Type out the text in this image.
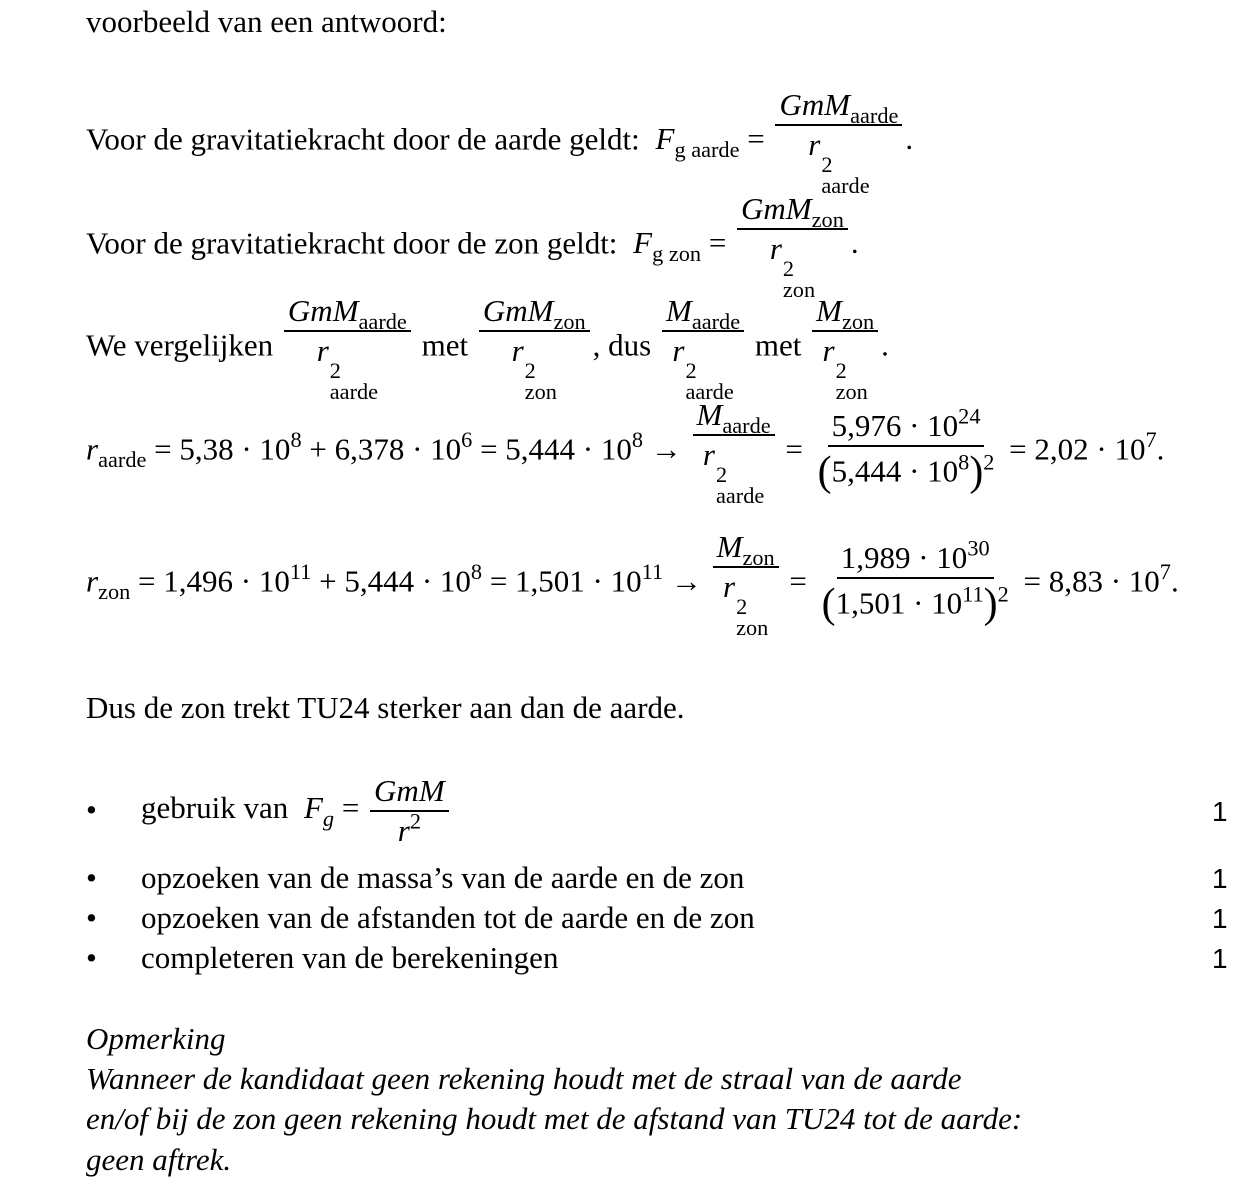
voorbeeld van een antwoord:
Voor de gravitatiekracht door de aarde geldt: $F_{g aarde} = GmM_{aarde}$
r
2
aarde .
Voor de gravitatiekracht door de zon geldt: $F_{g zon} = GmM_{zon}$
r
2
zon .
We vergelijken GmM$_{aarde}$
r
2
aarde met GmM$_{zon}$
r
2
zon , dus $M_{aarde}$
r
2
aarde met $M_{zon}$
r
2
zon .
$r_{aarde} = 5,38 \cdot 10^8 + 6,378 \cdot 10^6 = 5,444 \cdot 10^8 \to M_{aarde}$
r
2
aarde = $\frac{5,976 \cdot 10^{24}}{(5,444 \cdot 10^8)^2} = 2,02 \cdot 10^7$.
$r_{zon} = 1,496 \cdot 10^{11} + 5,444 \cdot 10^8 = 1,501 \cdot 10^{11} \to M_{zon}$
r
2
zon = $\frac{1,989 \cdot 10^{30}}{(1,501 \cdot 10^{11})^2} = 8,83 \cdot 10^7$.
Dus de zon trekt TU24 sterker aan dan de aarde.
• gebruik van $F_g = \frac{\text{GmM}}{r^2}$	1
• opzoeken van de massa’s van de aarde en de zon	1
• opzoeken van de afstanden tot de aarde en de zon	1
• completeren van de berekeningen	1
Opmerking
Wanneer de kandidaat geen rekening houdt met de straal van de aarde
en/of bij de zon geen rekening houdt met de afstand van TU24 tot de aarde:
geen aftrek.
